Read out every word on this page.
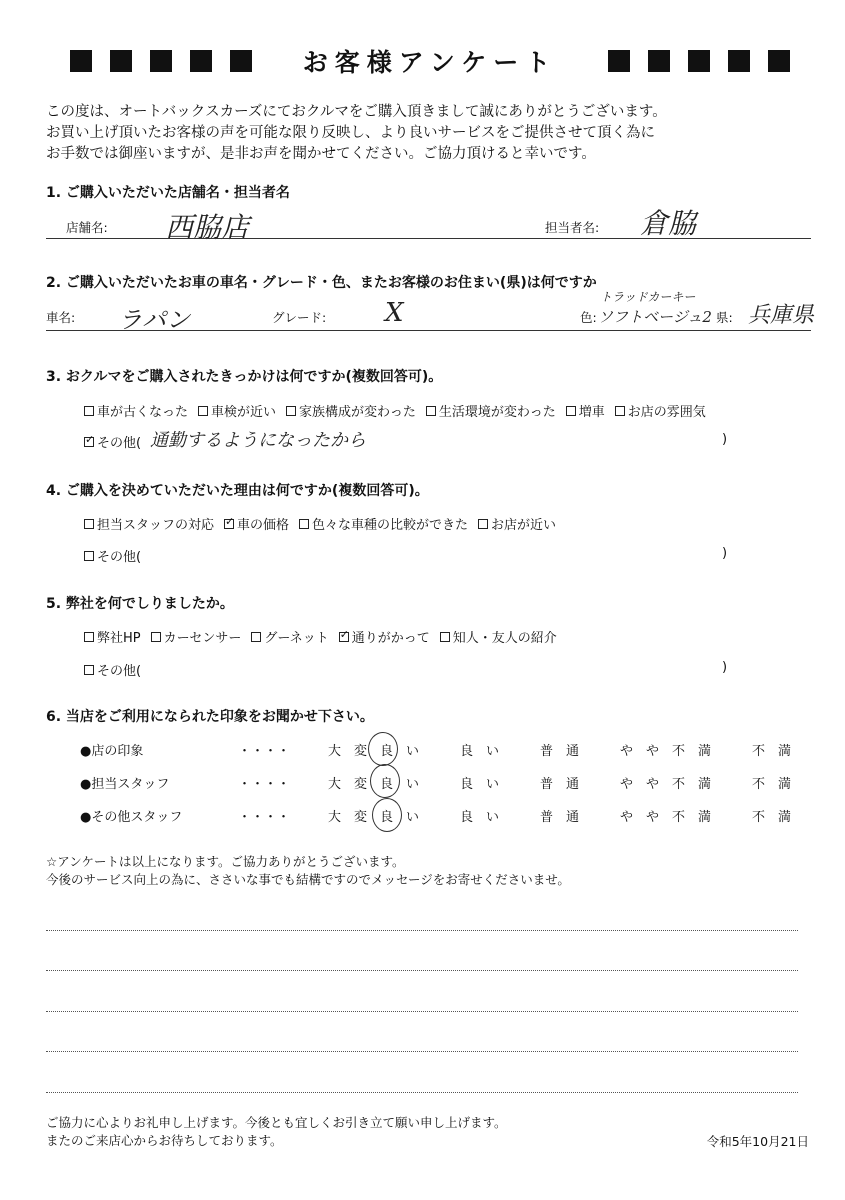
お客様アンケート
この度は、オートバックスカーズにておクルマをご購入頂きまして誠にありがとうございます。
お買い上げ頂いたお客様の声を可能な限り反映し、より良いサービスをご提供させて頂く為に
お手数では御座いますが、是非お声を聞かせてください。ご協力頂けると幸いです。
1. ご購入いただいた店舗名・担当者名
店舗名: 西脇店	担当者名: 倉脇
2. ご購入いただいたお車の車名・グレード・色、またお客様のお住まい(県)は何ですか
車名: ラパン	グレード: X	色:
トラッドカーキー
ソフトベージュ2 県: 兵庫県
3. おクルマをご購入されたきっかけは何ですか(複数回答可)。
車が古くなった 車検が近い 家族構成が変わった 生活環境が変わった 増車 お店の雰囲気
✓
その他( 通勤するようになったから	)
4. ご購入を決めていただいた理由は何ですか(複数回答可)。
担当スタッフの対応 ✓ 車の価格 色々な車種の比較ができた お店が近い
その他(	)
5. 弊社を何でしりましたか。
弊社HP カーセンサー グーネット ✓ 通りがかって 知人・友人の紹介
その他(	)
6. 当店をご利用になられた印象をお聞かせ下さい。
●店の印象	・・・・	大　変　良　い	良　い	普　通	や　や　不　満	不　満
●担当スタッフ	・・・・	大　変　良　い	良　い	普　通	や　や　不　満	不　満
●その他スタッフ	・・・・	大　変　良　い	良　い	普　通	や　や　不　満	不　満
☆アンケートは以上になります。ご協力ありがとうございます。
今後のサービス向上の為に、ささいな事でも結構ですのでメッセージをお寄せくださいませ。
ご協力に心よりお礼申し上げます。今後とも宜しくお引き立て願い申し上げます。
またのご来店心からお待ちしております。	令和5年10月21日
